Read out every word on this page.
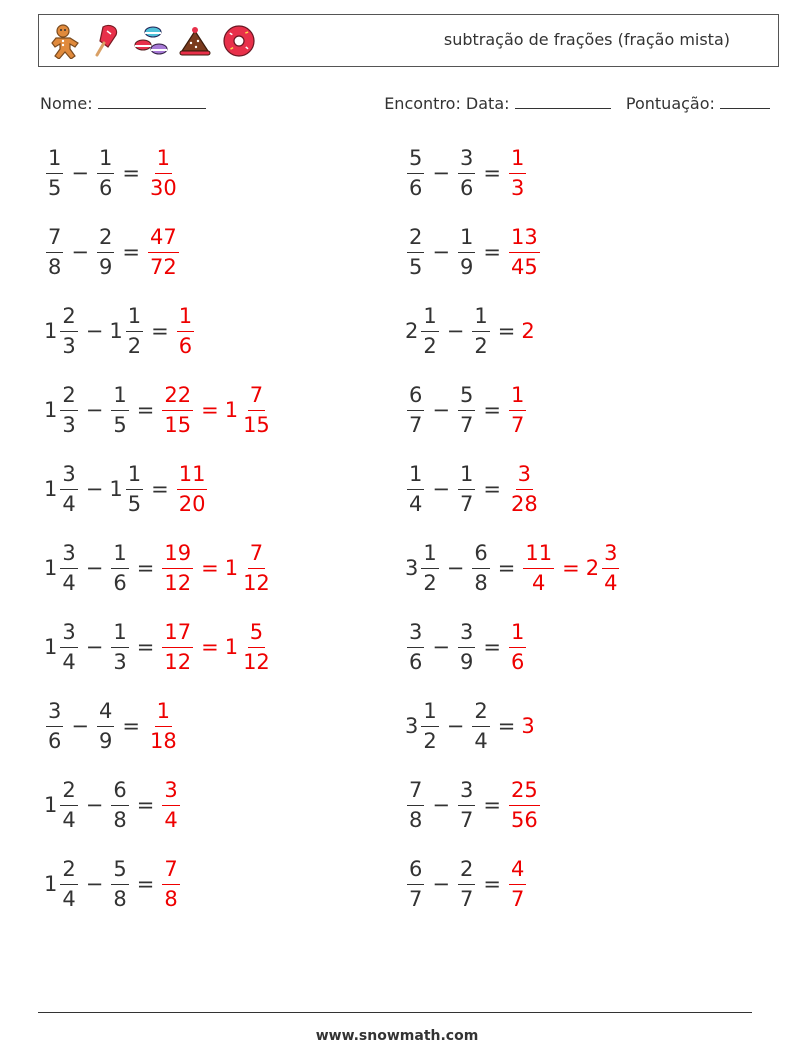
subtração de frações (fração mista)
Nome:	Encontro: Data:	Pontuação:
$\frac{1}{5} - \frac{1}{6} = \frac{1}{30}$	$\frac{5}{6} - \frac{3}{6} = \frac{1}{3}$
$\frac{7}{8} - \frac{2}{9} = \frac{47}{72}$	$\frac{2}{5} - \frac{1}{9} = \frac{13}{45}$
$1 \frac{2}{3} - 1 \frac{1}{2} = \frac{1}{6}$	$2 \frac{1}{2} - \frac{1}{2} = 2$
$1 \frac{2}{3} - \frac{1}{5} = \frac{22}{15} = 1 \frac{7}{15}$	$\frac{6}{7} - \frac{5}{7} = \frac{1}{7}$
$1 \frac{3}{4} - 1 \frac{1}{5} = \frac{11}{20}$	$\frac{1}{4} - \frac{1}{7} = \frac{3}{28}$
$1 \frac{3}{4} - \frac{1}{6} = \frac{19}{12} = 1 \frac{7}{12}$	$3 \frac{1}{2} - \frac{6}{8} = \frac{11}{4} = 2 \frac{3}{4}$
$1 \frac{3}{4} - \frac{1}{3} = \frac{17}{12} = 1 \frac{5}{12}$	$\frac{3}{6} - \frac{3}{9} = \frac{1}{6}$
$\frac{3}{6} - \frac{4}{9} = \frac{1}{18}$	$3 \frac{1}{2} - \frac{2}{4} = 3$
$1 \frac{2}{4} - \frac{6}{8} = \frac{3}{4}$	$\frac{7}{8} - \frac{3}{7} = \frac{25}{56}$
$1 \frac{2}{4} - \frac{5}{8} = \frac{7}{8}$	$\frac{6}{7} - \frac{2}{7} = \frac{4}{7}$
www.snowmath.com
